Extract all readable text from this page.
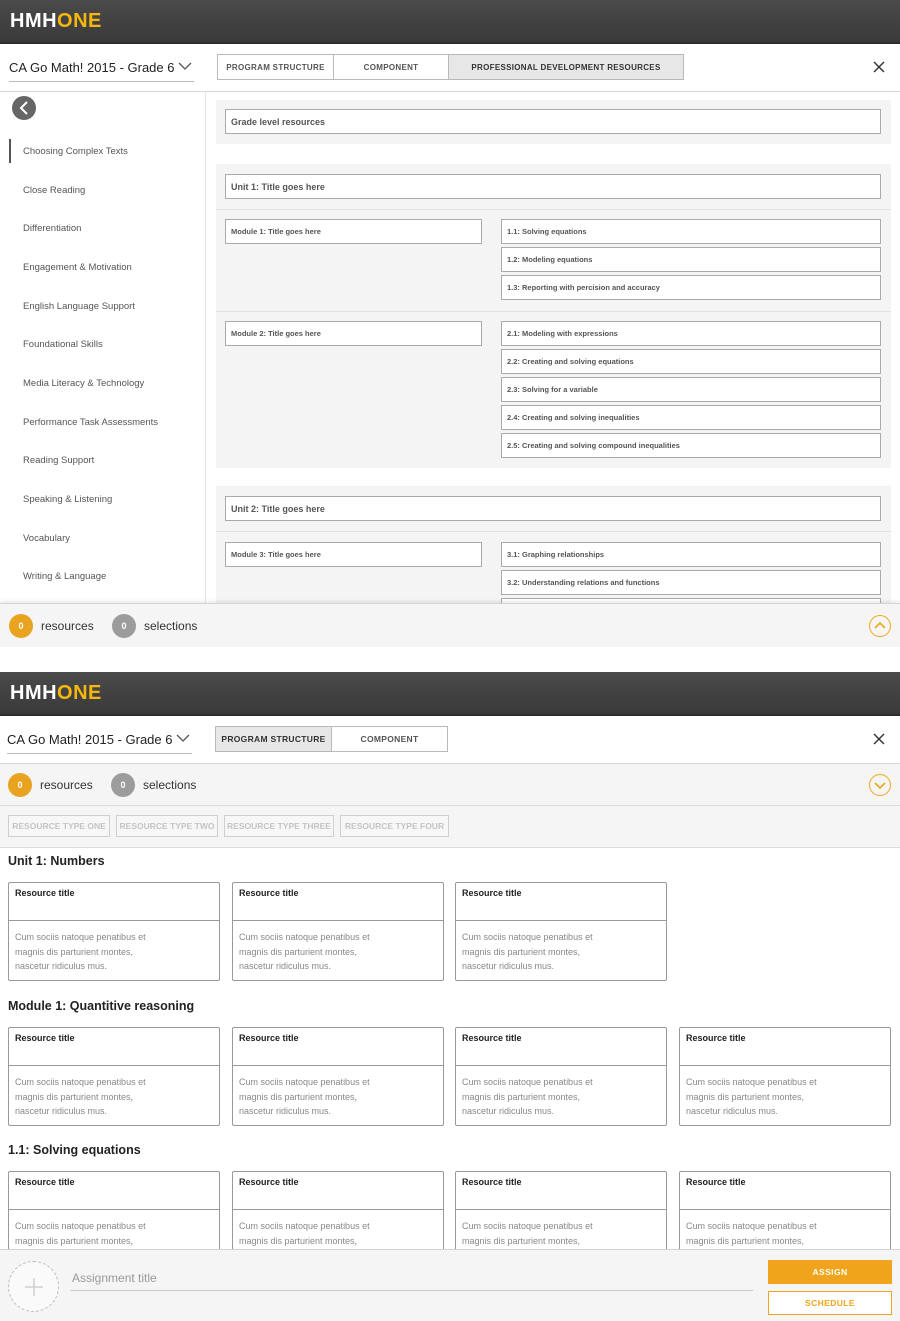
HMHONE
CA Go Math! 2015 - Grade 6	PROGRAM STRUCTURE	COMPONENT	PROFESSIONAL DEVELOPMENT RESOURCES
Choosing Complex Texts
Close Reading
Differentiation
Engagement & Motivation
English Language Support
Foundational Skills
Media Literacy & Technology
Performance Task Assessments
Reading Support
Speaking & Listening
Vocabulary
Writing & Language
Grade level resources
Unit 1: Title goes here
Module 1: Title goes here	1.1: Solving equations
1.2: Modeling equations
1.3: Reporting with percision and accuracy
Module 2: Title goes here	2.1: Modeling with expressions
2.2: Creating and solving equations
2.3: Solving for a variable
2.4: Creating and solving inequalities
2.5: Creating and solving compound inequalities
Unit 2: Title goes here
Module 3: Title goes here	3.1: Graphing relationships
3.2: Understanding relations and functions
0	resources	0	selections
HMHONE
CA Go Math! 2015 - Grade 6	PROGRAM STRUCTURE	COMPONENT
0	resources	0	selections
RESOURCE TYPE ONE	RESOURCE TYPE TWO	RESOURCE TYPE THREE	RESOURCE TYPE FOUR
Unit 1: Numbers
Resource title
Cum sociis natoque penatibus et
magnis dis parturient montes,
nascetur ridiculus mus.
Resource title
Cum sociis natoque penatibus et
magnis dis parturient montes,
nascetur ridiculus mus.
Resource title
Cum sociis natoque penatibus et
magnis dis parturient montes,
nascetur ridiculus mus.
Module 1: Quantitive reasoning
Resource title
Cum sociis natoque penatibus et
magnis dis parturient montes,
nascetur ridiculus mus.
Resource title
Cum sociis natoque penatibus et
magnis dis parturient montes,
nascetur ridiculus mus.
Resource title
Cum sociis natoque penatibus et
magnis dis parturient montes,
nascetur ridiculus mus.
Resource title
Cum sociis natoque penatibus et
magnis dis parturient montes,
nascetur ridiculus mus.
1.1: Solving equations
Resource title
Cum sociis natoque penatibus et
magnis dis parturient montes,
Resource title
Cum sociis natoque penatibus et
magnis dis parturient montes,
Resource title
Cum sociis natoque penatibus et
magnis dis parturient montes,
Resource title
Cum sociis natoque penatibus et
magnis dis parturient montes,
Assignment title
ASSIGN
SCHEDULE
